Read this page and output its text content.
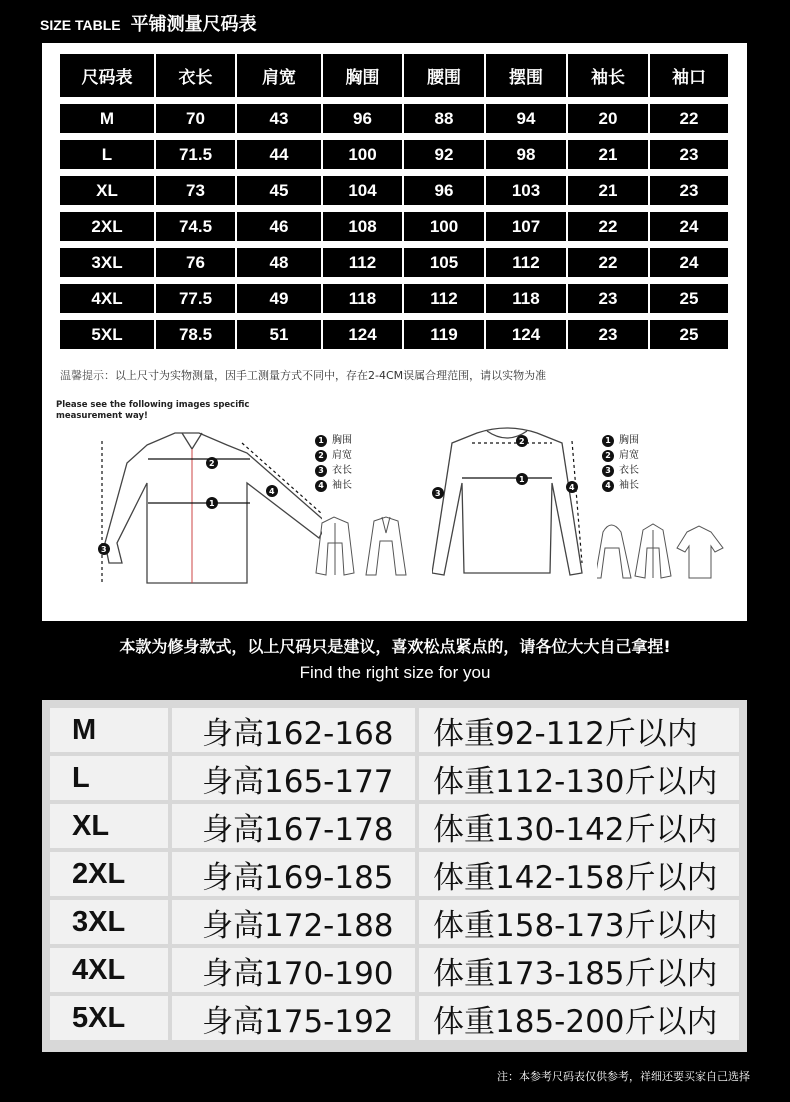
SIZE TABLE 平铺测量尺码表
尺码表	衣长	肩宽	胸围	腰围	摆围	袖长	袖口
M	70	43	96	88	94	20	22
L	71.5	44	100	92	98	21	23
XL	73	45	104	96	103	21	23
2XL	74.5	46	108	100	107	22	24
3XL	76	48	112	105	112	22	24
4XL	77.5	49	118	112	118	23	25
5XL	78.5	51	124	119	124	23	25
温馨提示：以上尺寸为实物测量，因手工测量方式不同中，存在2-4CM误属合理范围，请以实物为准
Please see the following images specific
measurement way!
2
1
3
4
2
1
3
4
1 胸围
2 肩宽
3 衣长
4 袖长
1 胸围
2 肩宽
3 衣长
4 袖长
本款为修身款式，以上尺码只是建议，喜欢松点紧点的，请各位大大自己拿捏!
Find the right size for you
M	身高162-168	体重92-112斤以内
L	身高165-177	体重112-130斤以内
XL	身高167-178	体重130-142斤以内
2XL	身高169-185	体重142-158斤以内
3XL	身高172-188	体重158-173斤以内
4XL	身高170-190	体重173-185斤以内
5XL	身高175-192	体重185-200斤以内
注：本参考尺码表仅供参考，祥细还要买家自己选择
